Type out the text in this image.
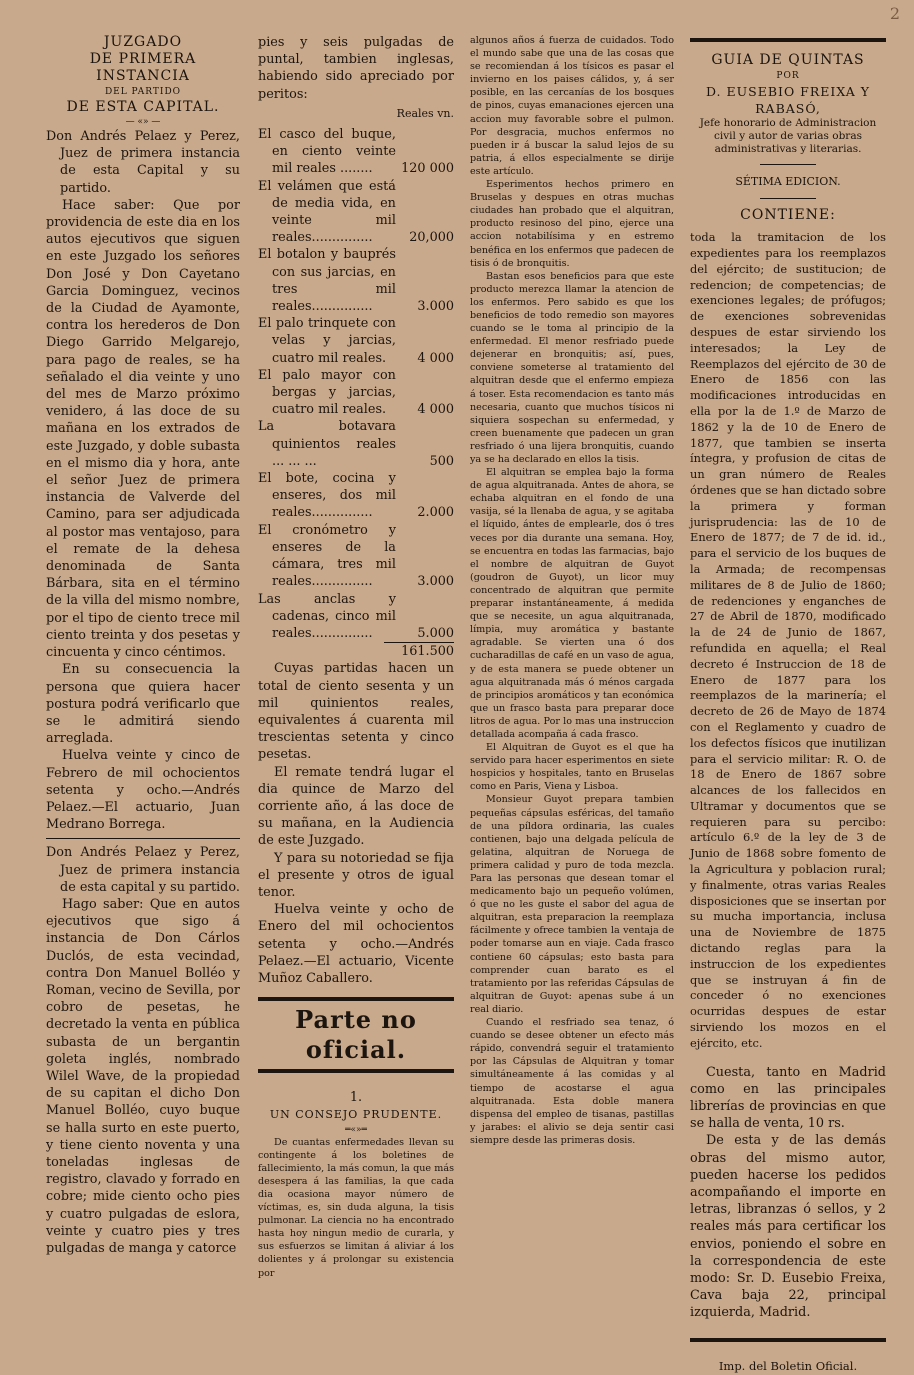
2
JUZGADO
DE PRIMERA INSTANCIA
DEL PARTIDO
DE ESTA CAPITAL.
— «» —

Don Andrés Pelaez y Perez, Juez de primera instancia de esta Capital y su partido.

Hace saber: Que por providencia de este dia en los autos ejecutivos que siguen en este Juzgado los señores Don José y Don Cayetano Garcia Dominguez, vecinos de la Ciudad de Ayamonte, contra los herederos de Don Diego Garrido Melgarejo, para pago de reales, se ha señalado el dia veinte y uno del mes de Marzo próximo venidero, á las doce de su mañana en los extrados de este Juzgado, y doble subasta en el mismo dia y hora, ante el señor Juez de primera instancia de Valverde del Camino, para ser adjudicada al postor mas ventajoso, para el remate de la dehesa denominada de Santa Bárbara, sita en el término de la villa del mismo nombre, por el tipo de ciento trece mil ciento treinta y dos pesetas y cincuenta y cinco céntimos.

En su consecuencia la persona que quiera hacer postura podrá verificarlo que se le admitirá siendo arreglada.

Huelva veinte y cinco de Febrero de mil ochocientos setenta y ocho.—Andrés Pelaez.—El actuario, Juan Medrano Borrega.

Don Andrés Pelaez y Perez, Juez de primera instancia de esta capital y su partido.

Hago saber: Que en autos ejecutivos que sigo á instancia de Don Cárlos Duclós, de esta vecindad, contra Don Manuel Bolléo y Roman, vecino de Sevilla, por cobro de pesetas, he decretado la venta en pública subasta de un bergantin goleta inglés, nombrado Wilel Wave, de la propiedad de su capitan el dicho Don Manuel Bolléo, cuyo buque se halla surto en este puerto, y tiene ciento noventa y una toneladas inglesas de registro, clavado y forrado en cobre; mide ciento ocho pies y cuatro pulgadas de eslora, veinte y cuatro pies y tres pulgadas de manga y catorce

pies y seis pulgadas de puntal, tambien inglesas, habiendo sido apreciado por peritos:

Reales vn.
El casco del buque, en ciento veinte mil reales ........	120 000
El velámen que está de media vida, en veinte mil reales...............	20,000
El botalon y bauprés con sus jarcias, en tres mil reales...............	3.000
El palo trinquete con velas y jarcias, cuatro mil reales.	4 000
El palo mayor con bergas y jarcias, cuatro mil reales.	4 000
La botavara quinientos reales ... ... ...	500
El bote, cocina y enseres, dos mil reales...............	2.000
El cronómetro y enseres de la cámara, tres mil reales...............	3.000
Las anclas y cadenas, cinco mil reales...............	5.000
161.500

Cuyas partidas hacen un total de ciento sesenta y un mil quinientos reales, equivalentes á cuarenta mil trescientas setenta y cinco pesetas.

El remate tendrá lugar el dia quince de Marzo del corriente año, á las doce de su mañana, en la Audiencia de este Juzgado.

Y para su notoriedad se fija el presente y otros de igual tenor.

Huelva veinte y ocho de Enero del mil ochocientos setenta y ocho.—Andrés Pelaez.—El actuario, Vicente Muñoz Caballero.

Parte no oficial.
1.
UN CONSEJO PRUDENTE.
═«»═

De cuantas enfermedades llevan su contingente á los boletines de fallecimiento, la más comun, la que más desespera á las familias, la que cada dia ocasiona mayor número de víctimas, es, sin duda alguna, la tisis pulmonar. La ciencia no ha encontrado hasta hoy ningun medio de curarla, y sus esfuerzos se limitan á aliviar á los dolientes y á prolongar su existencia por

algunos años á fuerza de cuidados. Todo el mundo sabe que una de las cosas que se recomiendan á los tísicos es pasar el invierno en los paises cálidos, y, á ser posible, en las cercanías de los bosques de pinos, cuyas emanaciones ejercen una accion muy favorable sobre el pulmon. Por desgracia, muchos enfermos no pueden ir á buscar la salud lejos de su patria, á ellos especialmente se dirije este artículo.

Esperimentos hechos primero en Bruselas y despues en otras muchas ciudades han probado que el alquitran, producto resinoso del pino, ejerce una accion notabilísima y en estremo benéfica en los enfermos que padecen de tisis ó de bronquitis.

Bastan esos beneficios para que este producto merezca llamar la atencion de los enfermos. Pero sabido es que los beneficios de todo remedio son mayores cuando se le toma al principio de la enfermedad. El menor resfriado puede dejenerar en bronquitis; así, pues, conviene someterse al tratamiento del alquitran desde que el enfermo empieza á toser. Esta recomendacion es tanto más necesaria, cuanto que muchos tísicos ni siquiera sospechan su enfermedad, y creen buenamente que padecen un gran resfriado ó una lijera bronquitis, cuando ya se ha declarado en ellos la tisis.

El alquitran se emplea bajo la forma de agua alquitranada. Antes de ahora, se echaba alquitran en el fondo de una vasija, sé la llenaba de agua, y se agitaba el líquido, ántes de emplearle, dos ó tres veces por dia durante una semana. Hoy, se encuentra en todas las farmacias, bajo el nombre de alquitran de Guyot (goudron de Guyot), un licor muy concentrado de alquitran que permite preparar instantáneamente, á medida que se necesite, un agua alquitranada, límpia, muy aromática y bastante agradable. Se vierten una ó dos cucharadillas de café en un vaso de agua, y de esta manera se puede obtener un agua alquitranada más ó ménos cargada de principios aromáticos y tan económica que un frasco basta para preparar doce litros de agua. Por lo mas una instruccion detallada acompaña á cada frasco.

El Alquitran de Guyot es el que ha servido para hacer esperimentos en siete hospicios y hospitales, tanto en Bruselas como en Paris, Viena y Lisboa.

Monsieur Guyot prepara tambien pequeñas cápsulas esféricas, del tamaño de una píldora ordinaria, las cuales contienen, bajo una delgada película de gelatina, alquitran de Noruega de primera calidad y puro de toda mezcla. Para las personas que desean tomar el medicamento bajo un pequeño volúmen, ó que no les guste el sabor del agua de alquitran, esta preparacion la reemplaza fácilmente y ofrece tambien la ventaja de poder tomarse aun en viaje. Cada frasco contiene 60 cápsulas; esto basta para comprender cuan barato es el tratamiento por las referidas Cápsulas de alquitran de Guyot: apenas sube á un real diario.

Cuando el resfriado sea tenaz, ó cuando se desee obtener un efecto más rápido, convendrá seguir el tratamiento por las Cápsulas de Alquitran y tomar simultáneamente á las comidas y al tiempo de acostarse el agua alquitranada. Esta doble manera dispensa del empleo de tisanas, pastillas y jarabes: el alivio se deja sentir casi siempre desde las primeras dosis.

GUIA DE QUINTAS
POR
D. EUSEBIO FREIXA Y RABASÓ,

Jefe honorario de Administracion civil y autor de varias obras administrativas y literarias.

SÉTIMA EDICION.
CONTIENE:

toda la tramitacion de los expedientes para los reemplazos del ejército; de sustitucion; de redencion; de competencias; de exenciones legales; de prófugos; de exenciones sobrevenidas despues de estar sirviendo los interesados; la Ley de Reemplazos del ejército de 30 de Enero de 1856 con las modificaciones introducidas en ella por la de 1.º de Marzo de 1862 y la de 10 de Enero de 1877, que tambien se inserta íntegra, y profusion de citas de un gran número de Reales órdenes que se han dictado sobre la primera y forman jurisprudencia: las de 10 de Enero de 1877; de 7 de id. id., para el servicio de los buques de la Armada; de recompensas militares de 8 de Julio de 1860; de redenciones y enganches de 27 de Abril de 1870, modificado la de 24 de Junio de 1867, refundida en aquella; el Real decreto é Instruccion de 18 de Enero de 1877 para los reemplazos de la marinería; el decreto de 26 de Mayo de 1874 con el Reglamento y cuadro de los defectos físicos que inutilizan para el servicio militar: R. O. de 18 de Enero de 1867 sobre alcances de los fallecidos en Ultramar y documentos que se requieren para su percibo: artículo 6.º de la ley de 3 de Junio de 1868 sobre fomento de la Agricultura y poblacion rural; y finalmente, otras varias Reales disposiciones que se insertan por su mucha importancia, inclusa una de Noviembre de 1875 dictando reglas para la instruccion de los expedientes que se instruyan á fin de conceder ó no exenciones ocurridas despues de estar sirviendo los mozos en el ejército, etc.

Cuesta, tanto en Madrid como en las principales librerías de provincias en que se halla de venta, 10 rs.

De esta y de las demás obras del mismo autor, pueden hacerse los pedidos acompañando el importe en letras, libranzas ó sellos, y 2 reales más para certificar los envios, poniendo el sobre en la correspondencia de este modo: Sr. D. Eusebio Freixa, Cava baja 22, principal izquierda, Madrid.

Imp. del Boletin Oficial.
